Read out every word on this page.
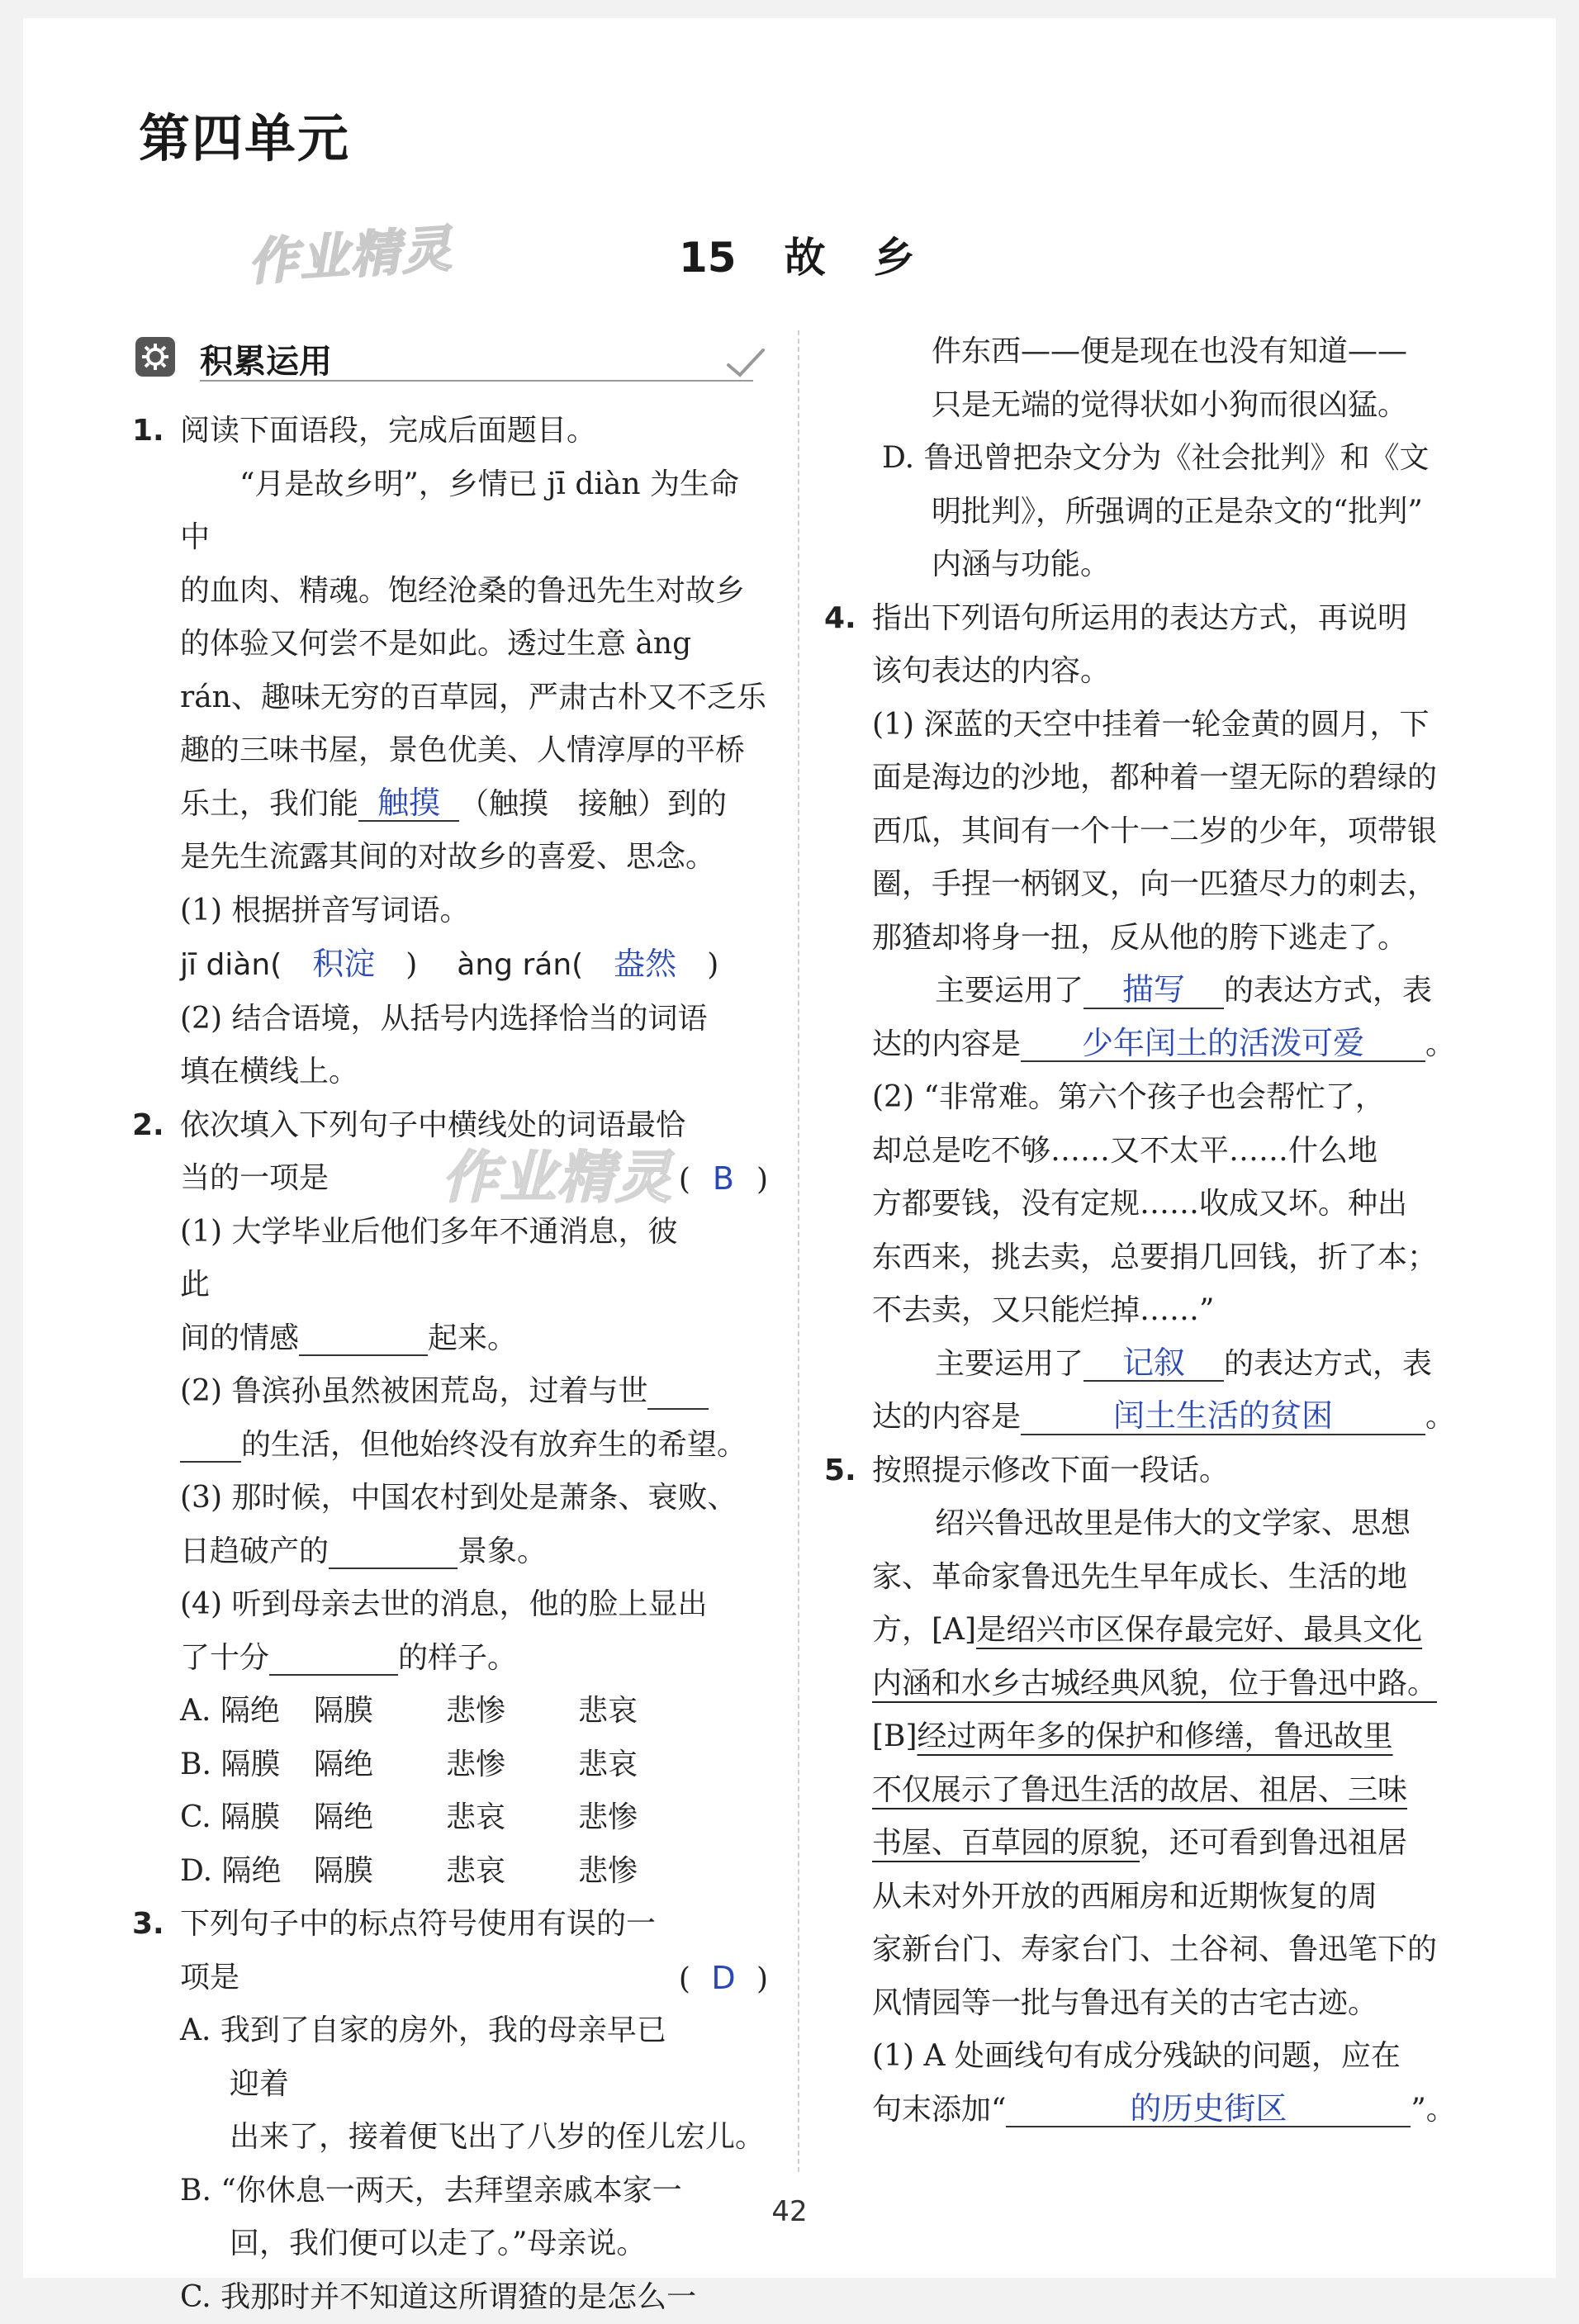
第四单元
作业精灵	15 故 乡
积累运用

1. 阅读下面语段，完成后面题目。

“月是故乡明”，乡情已 jī diàn 为生命中

的血肉、精魂。饱经沧桑的鲁迅先生对故乡

的体验又何尝不是如此。透过生意 àng

rán、趣味无穷的百草园，严肃古朴又不乏乐

趣的三味书屋，景色优美、人情淳厚的平桥

乐土，我们能 触摸 （触摸　接触）到的

是先生流露其间的对故乡的喜爱、思念。

(1) 根据拼音写词语。

jī diàn( 积淀 ) àng rán( 盎然 )

(2) 结合语境，从括号内选择恰当的词语

填在横线上。

2. 依次填入下列句子中横线处的词语最恰

当的一项是	( B )

(1) 大学毕业后他们多年不通消息，彼此

间的情感	起来。

(2) 鲁滨孙虽然被困荒岛，过着与世

的生活，但他始终没有放弃生的希望。

(3) 那时候，中国农村到处是萧条、衰败、

日趋破产的	景象。

(4) 听到母亲去世的消息，他的脸上显出

了十分	的样子。

A. 隔绝	隔膜	悲惨	悲哀

B. 隔膜	隔绝	悲惨	悲哀

C. 隔膜	隔绝	悲哀	悲惨

D. 隔绝	隔膜	悲哀	悲惨

3. 下列句子中的标点符号使用有误的一

项是	( D )

A. 我到了自家的房外，我的母亲早已迎着

出来了，接着便飞出了八岁的侄儿宏儿。

B. “你休息一两天，去拜望亲戚本家一

回，我们便可以走了。”母亲说。

C. 我那时并不知道这所谓猹的是怎么一

作业精灵

件东西——便是现在也没有知道——

只是无端的觉得状如小狗而很凶猛。

D. 鲁迅曾把杂文分为《社会批判》和《文

明批判》，所强调的正是杂文的“批判”

内涵与功能。

4. 指出下列语句所运用的表达方式，再说明

该句表达的内容。

(1) 深蓝的天空中挂着一轮金黄的圆月，下

面是海边的沙地，都种着一望无际的碧绿的

西瓜，其间有一个十一二岁的少年，项带银

圈，手捏一柄钢叉，向一匹猹尽力的刺去，

那猹却将身一扭，反从他的胯下逃走了。

主要运用了 描写 的表达方式，表

达的内容是 少年闰土的活泼可爱 。

(2) “非常难。第六个孩子也会帮忙了，

却总是吃不够……又不太平……什么地

方都要钱，没有定规……收成又坏。种出

东西来，挑去卖，总要捐几回钱，折了本；

不去卖，又只能烂掉……”

主要运用了 记叙 的表达方式，表

达的内容是	闰土生活的贫困	。

5. 按照提示修改下面一段话。

绍兴鲁迅故里是伟大的文学家、思想

家、革命家鲁迅先生早年成长、生活的地

方，[A]是绍兴市区保存最完好、最具文化

内涵和水乡古城经典风貌，位于鲁迅中路。

[B]经过两年多的保护和修缮，鲁迅故里

不仅展示了鲁迅生活的故居、祖居、三味

书屋、百草园的原貌，还可看到鲁迅祖居

从未对外开放的西厢房和近期恢复的周

家新台门、寿家台门、土谷祠、鲁迅笔下的

风情园等一批与鲁迅有关的古宅古迹。

(1) A 处画线句有成分残缺的问题，应在

句末添加“	的历史街区	”。

42
